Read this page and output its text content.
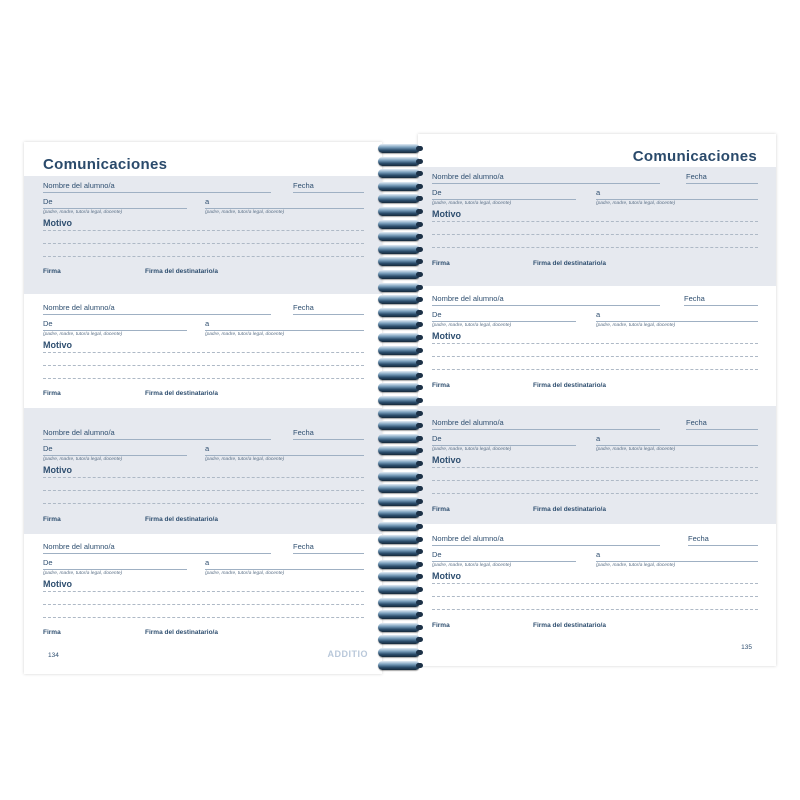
Comunicaciones
Nombre del alumno/a	Fecha
De
(padre, madre, tutor/a legal, docente)
a
(padre, madre, tutor/a legal, docente)
Motivo
Firma	Firma del destinatario/a
Nombre del alumno/a	Fecha
De
(padre, madre, tutor/a legal, docente)
a
(padre, madre, tutor/a legal, docente)
Motivo
Firma	Firma del destinatario/a
Nombre del alumno/a	Fecha
De
(padre, madre, tutor/a legal, docente)
a
(padre, madre, tutor/a legal, docente)
Motivo
Firma	Firma del destinatario/a
Nombre del alumno/a	Fecha
De
(padre, madre, tutor/a legal, docente)
a
(padre, madre, tutor/a legal, docente)
Motivo
Firma	Firma del destinatario/a
134	ADDITIO
Comunicaciones
Nombre del alumno/a	Fecha
De
(padre, madre, tutor/a legal, docente)
a
(padre, madre, tutor/a legal, docente)
Motivo
Firma	Firma del destinatario/a
Nombre del alumno/a	Fecha
De
(padre, madre, tutor/a legal, docente)
a
(padre, madre, tutor/a legal, docente)
Motivo
Firma	Firma del destinatario/a
Nombre del alumno/a	Fecha
De
(padre, madre, tutor/a legal, docente)
a
(padre, madre, tutor/a legal, docente)
Motivo
Firma	Firma del destinatario/a
Nombre del alumno/a	Fecha
De
(padre, madre, tutor/a legal, docente)
a
(padre, madre, tutor/a legal, docente)
Motivo
Firma	Firma del destinatario/a
135
